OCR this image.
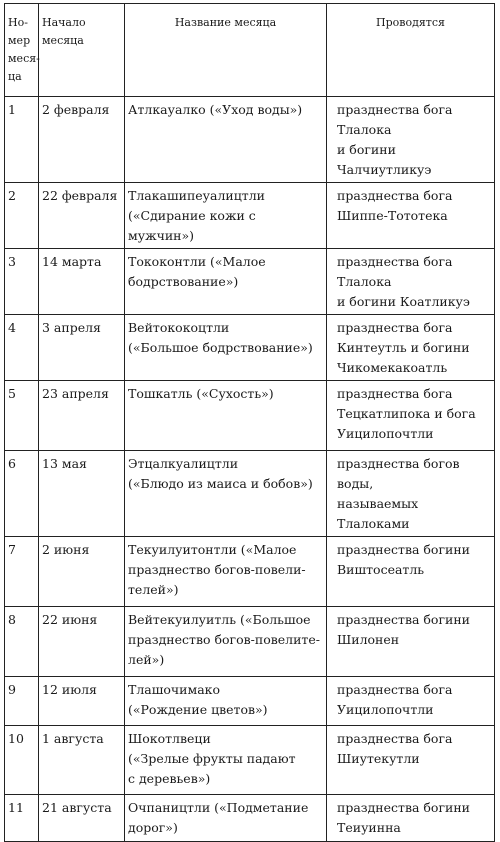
Но-
мер
меся-
ца	Начало
месяца	Название месяца	Проводятся
1	2 февраля	Атлкауалко («Уход воды»)	празднества бога Тлалока
и богини Чалчиутликуэ

2	22 февраля	Тлакашипеуалицтли
(«Сдирание кожи с мужчин»)	празднества бога
Шиппе-Тототека

3	14 марта	Тококонтли («Малое
бодрствование»)	празднества бога Тлалока
и богини Коатликуэ

4	3 апреля	Вейтококоцтли
(«Большое бодрствование»)	празднества бога
Кинтеутль и богини
Чикомекакоатль

5	23 апреля	Тошкатль («Сухость»)	празднества бога
Тецкатлипока и бога
Уицилопочтли

6	13 мая	Этцалкуалицтли
(«Блюдо из маиса и бобов»)	празднества богов воды,
называемых Тлалоками

7	2 июня	Текуилуитонтли («Малое
празднество богов-повели-
телей»)	празднества богини
Виштосеатль

8	22 июня	Вейтекуилуитль («Большое
празднество богов-повелите-
лей»)	празднества богини
Шилонен

9	12 июля	Тлашочимако
(«Рождение цветов»)	празднества бога
Уицилопочтли

10	1 августа	Шокотлвеци
(«Зрелые фрукты падают
с деревьев»)	празднества бога
Шиутекутли

11	21 августа	Очпаництли («Подметание
дорог»)	празднества богини
Теиуинна
